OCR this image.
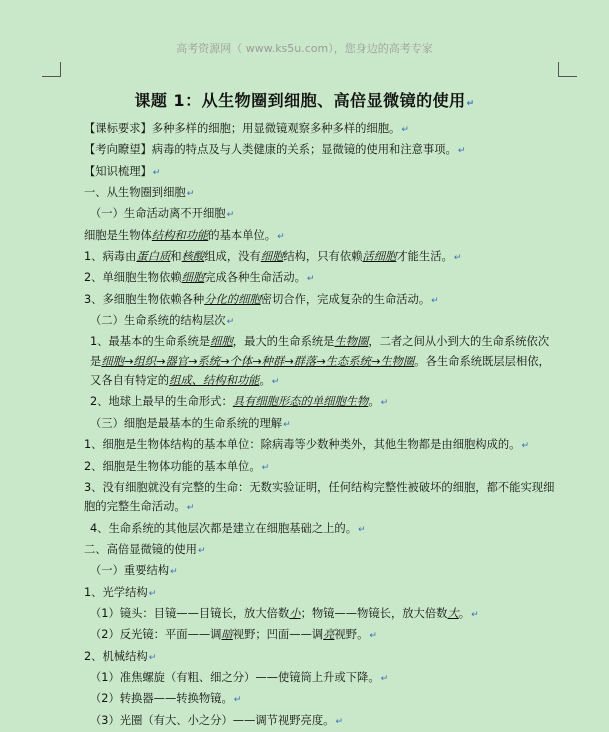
高考资源网（ www.ks5u.com），您身边的高考专家
课题 1：从生物圈到细胞、高倍显微镜的使用↵

【课标要求】多种多样的细胞；用显微镜观察多种多样的细胞。↵

【考向瞭望】病毒的特点及与人类健康的关系；显微镜的使用和注意事项。↵

【知识梳理】↵

一、从生物圈到细胞↵

（一）生命活动离不开细胞↵

细胞是生物体结构和功能的基本单位。↵

1、病毒由蛋白质和核酸组成，没有细胞结构，只有依赖活细胞才能生活。↵

2、单细胞生物依赖细胞完成各种生命活动。↵

3、多细胞生物依赖各种分化的细胞密切合作，完成复杂的生命活动。↵

（二）生命系统的结构层次↵

1、最基本的生命系统是细胞，最大的生命系统是生物圈，二者之间从小到大的生命系统依次是细胞→组织→器官→系统→个体→种群→群落→生态系统→生物圈。各生命系统既层层相依，又各自有特定的组成、结构和功能。↵

2、地球上最早的生命形式：具有细胞形态的单细胞生物。↵

（三）细胞是最基本的生命系统的理解↵

1、细胞是生物体结构的基本单位：除病毒等少数种类外，其他生物都是由细胞构成的。↵

2、细胞是生物体功能的基本单位。↵

3、没有细胞就没有完整的生命：无数实验证明，任何结构完整性被破坏的细胞，都不能实现细胞的完整生命活动。↵

4、生命系统的其他层次都是建立在细胞基础之上的。↵

二、高倍显微镜的使用↵

（一）重要结构↵

1、光学结构↵

（1）镜头：目镜——目镜长，放大倍数小；物镜——物镜长，放大倍数大。↵

（2）反光镜：平面——调暗视野；凹面——调亮视野。↵

2、机械结构↵

（1）准焦螺旋（有粗、细之分）——使镜筒上升或下降。↵

（2）转换器——转换物镜。↵

（3）光圈（有大、小之分）——调节视野亮度。↵
